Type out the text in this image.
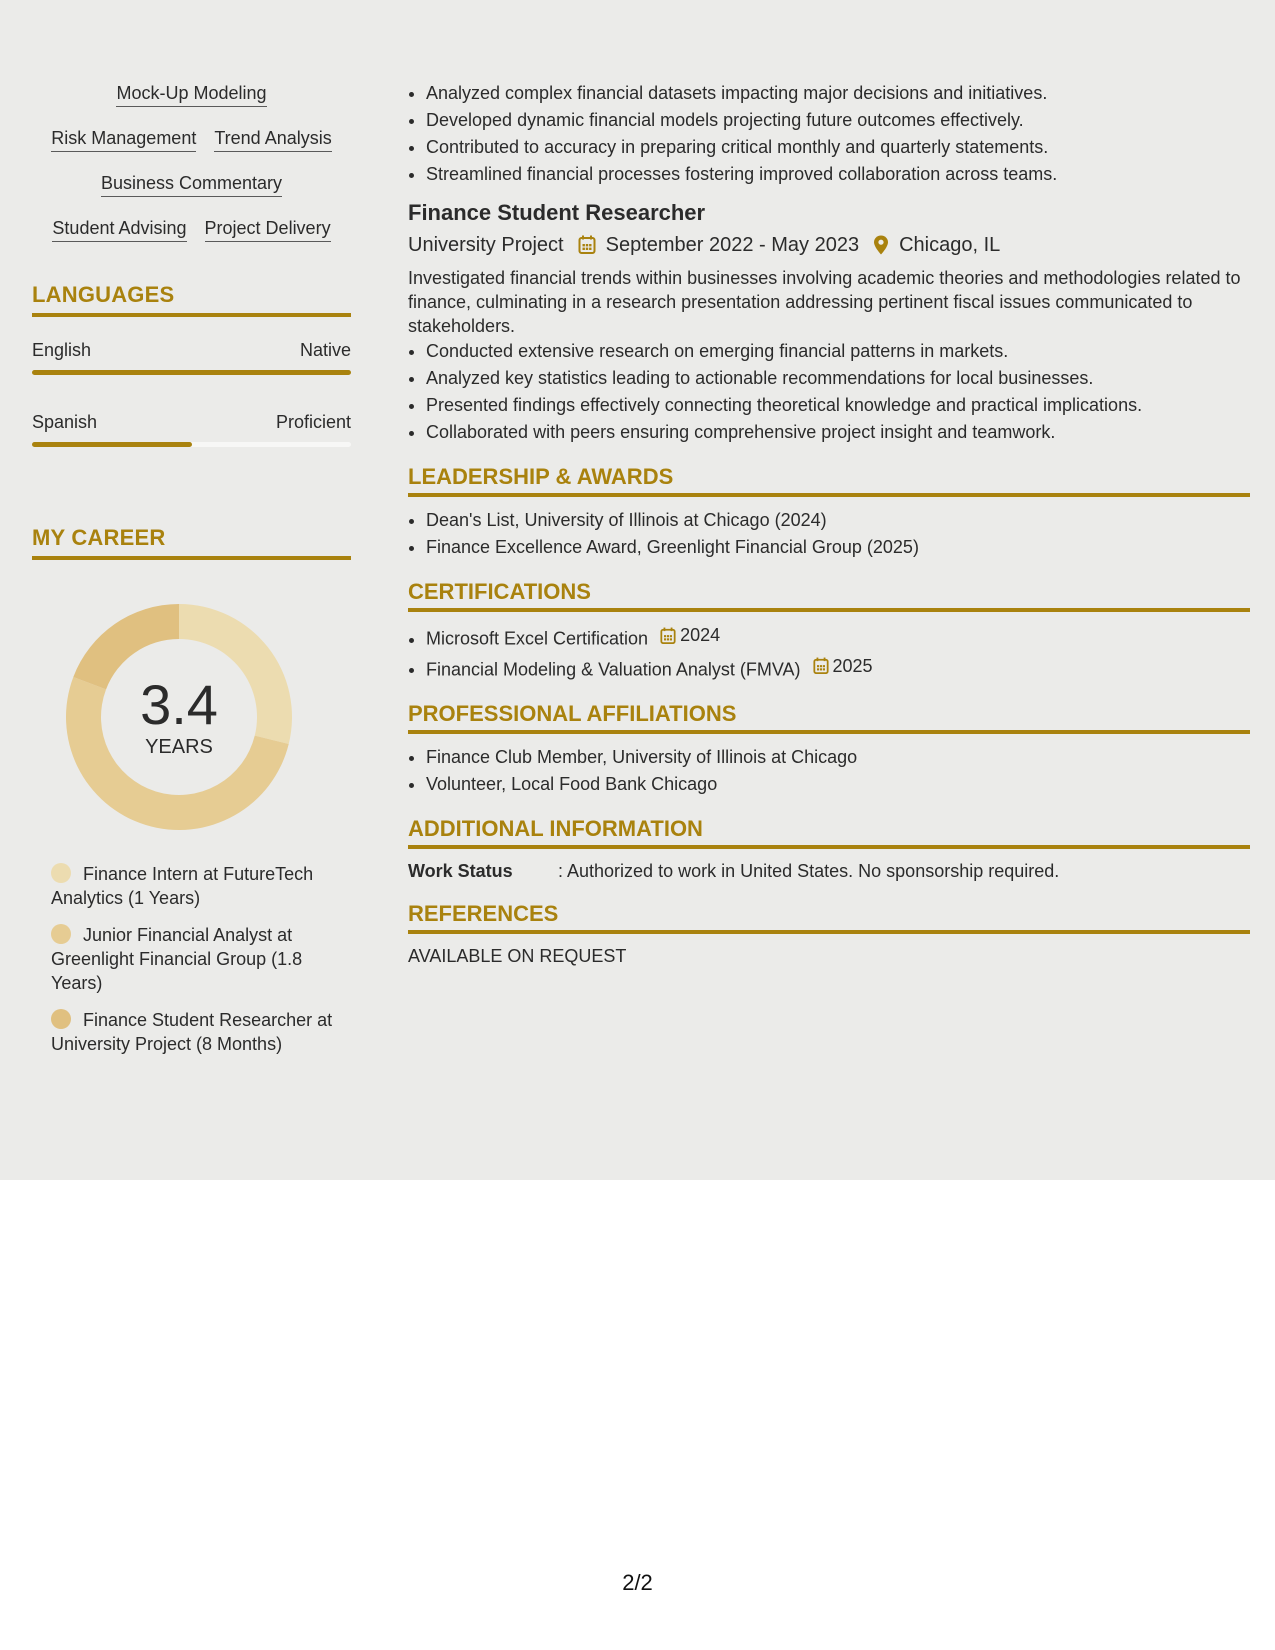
Mock-Up Modeling
Risk Management Trend Analysis
Business Commentary
Student Advising Project Delivery
LANGUAGES
English	Native
Spanish	Proficient
MY CAREER
3.4
YEARS
Finance Intern at FutureTech Analytics (1 Years)
Junior Financial Analyst at Greenlight Financial Group (1.8 Years)
Finance Student Researcher at University Project (8 Months)
• Analyzed complex financial datasets impacting major decisions and initiatives.
• Developed dynamic financial models projecting future outcomes effectively.
• Contributed to accuracy in preparing critical monthly and quarterly statements.
• Streamlined financial processes fostering improved collaboration across teams.
Finance Student Researcher
University Project September 2022 - May 2023 Chicago, IL
Investigated financial trends within businesses involving academic theories and methodologies related to finance, culminating in a research presentation addressing pertinent fiscal issues communicated to stakeholders.
• Conducted extensive research on emerging financial patterns in markets.
• Analyzed key statistics leading to actionable recommendations for local businesses.
• Presented findings effectively connecting theoretical knowledge and practical implications.
• Collaborated with peers ensuring comprehensive project insight and teamwork.
LEADERSHIP & AWARDS
• Dean's List, University of Illinois at Chicago (2024)
• Finance Excellence Award, Greenlight Financial Group (2025)
CERTIFICATIONS
• Microsoft Excel Certification 2024
• Financial Modeling & Valuation Analyst (FMVA) 2025
PROFESSIONAL AFFILIATIONS
• Finance Club Member, University of Illinois at Chicago
• Volunteer, Local Food Bank Chicago
ADDITIONAL INFORMATION
Work Status	: Authorized to work in United States. No sponsorship required.
REFERENCES
AVAILABLE ON REQUEST
2/2
